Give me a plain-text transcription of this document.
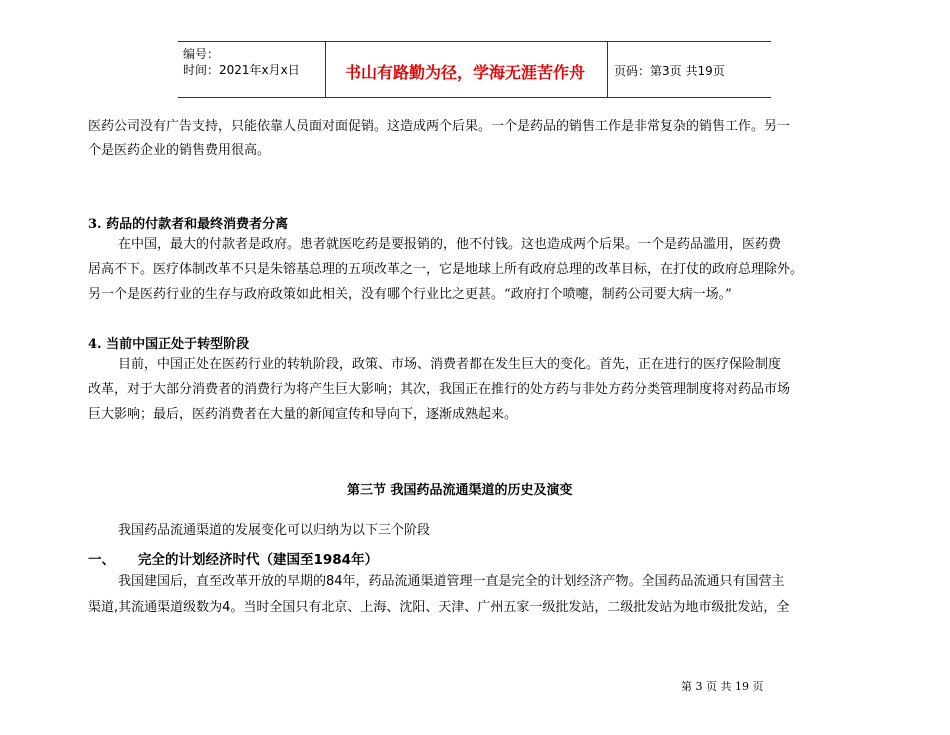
编号：
时间：2021年x月x日	书山有路勤为径，学海无涯苦作舟 页码：第3页 共19页
医药公司没有广告支持，只能依靠人员面对面促销。这造成两个后果。一个是药品的销售工作是非常复杂的销售工作。另一
个是医药企业的销售费用很高。
3. 药品的付款者和最终消费者分离
在中国，最大的付款者是政府。患者就医吃药是要报销的，他不付钱。这也造成两个后果。一个是药品滥用，医药费
居高不下。医疗体制改革不只是朱镕基总理的五项改革之一，它是地球上所有政府总理的改革目标，在打仗的政府总理除外。
另一个是医药行业的生存与政府政策如此相关，没有哪个行业比之更甚。“政府打个喷嚏，制药公司要大病一场。”
4. 当前中国正处于转型阶段
目前，中国正处在医药行业的转轨阶段，政策、市场、消费者都在发生巨大的变化。首先，正在进行的医疗保险制度
改革，对于大部分消费者的消费行为将产生巨大影响；其次，我国正在推行的处方药与非处方药分类管理制度将对药品市场
巨大影响；最后，医药消费者在大量的新闻宣传和导向下，逐渐成熟起来。
第三节 我国药品流通渠道的历史及演变
我国药品流通渠道的发展变化可以归纳为以下三个阶段
一、 完全的计划经济时代（建国至1984年）
我国建国后，直至改革开放的早期的84年，药品流通渠道管理一直是完全的计划经济产物。全国药品流通只有国营主
渠道,其流通渠道级数为4。当时全国只有北京、上海、沈阳、天津、广州五家一级批发站，二级批发站为地市级批发站，全
第 3 页 共 19 页
